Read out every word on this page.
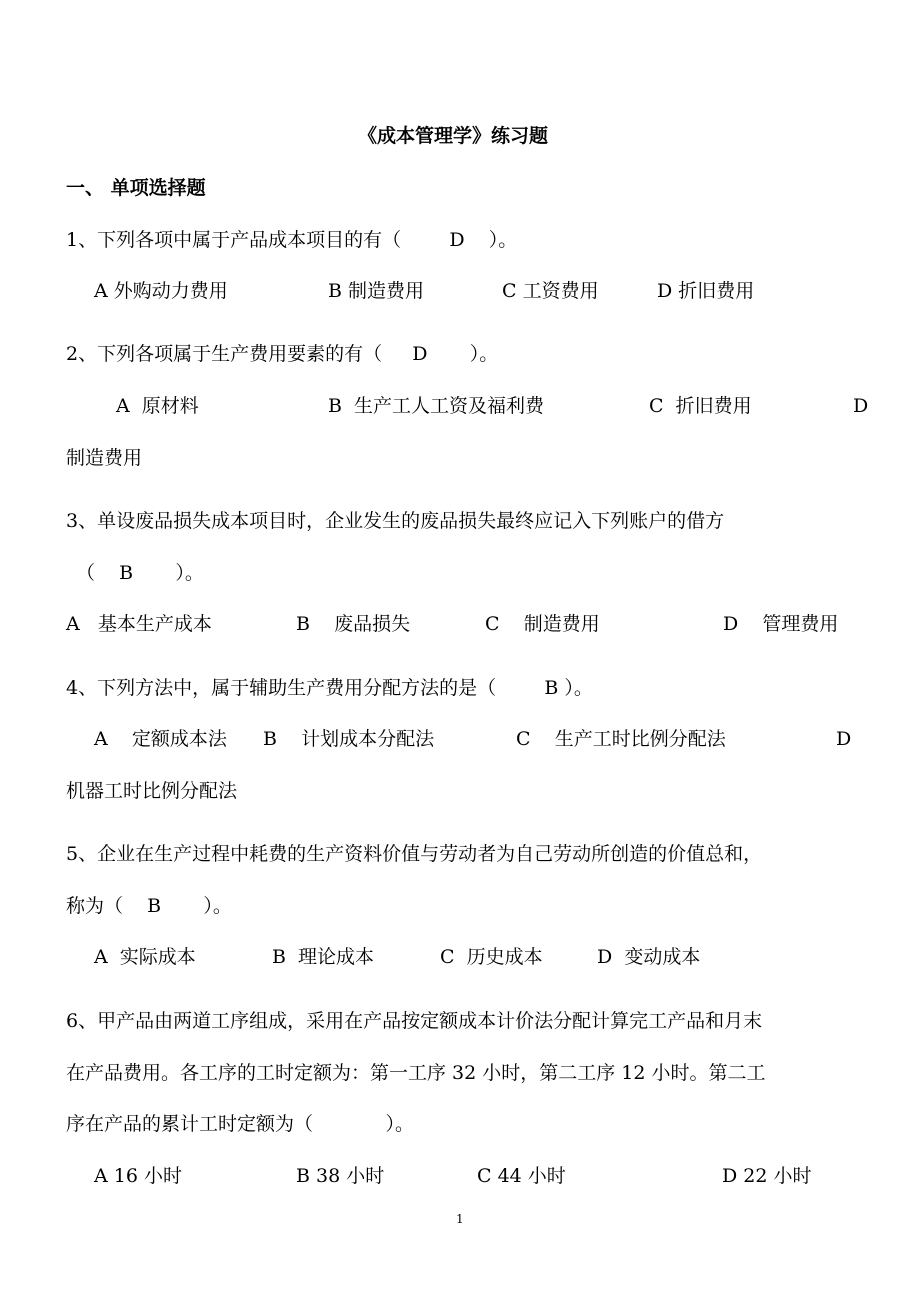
《成本管理学》练习题
一、 单项选择题
1、下列各项中属于产品成本项目的有（        D    ）。
A 外购动力费用	B 制造费用	C 工资费用	D 折旧费用
2、下列各项属于生产费用要素的有（     D       ）。
A  原材料	B  生产工人工资及福利费	C  折旧费用	D
制造费用
3、单设废品损失成本项目时，企业发生的废品损失最终应记入下列账户的借方
（    B       ）。
A   基本生产成本	B    废品损失	C    制造费用	D    管理费用
4、下列方法中，属于辅助生产费用分配方法的是（        B ）。
A    定额成本法 B    计划成本分配法	C    生产工时比例分配法	D
机器工时比例分配法
5、企业在生产过程中耗费的生产资料价值与劳动者为自己劳动所创造的价值总和，
称为（    B       ）。
A  实际成本	B  理论成本	C  历史成本	D  变动成本
6、甲产品由两道工序组成，采用在产品按定额成本计价法分配计算完工产品和月末
在产品费用。各工序的工时定额为：第一工序 32 小时，第二工序 12 小时。第二工
序在产品的累计工时定额为（            ）。
A 16 小时	B 38 小时	C 44 小时	D 22 小时
1
